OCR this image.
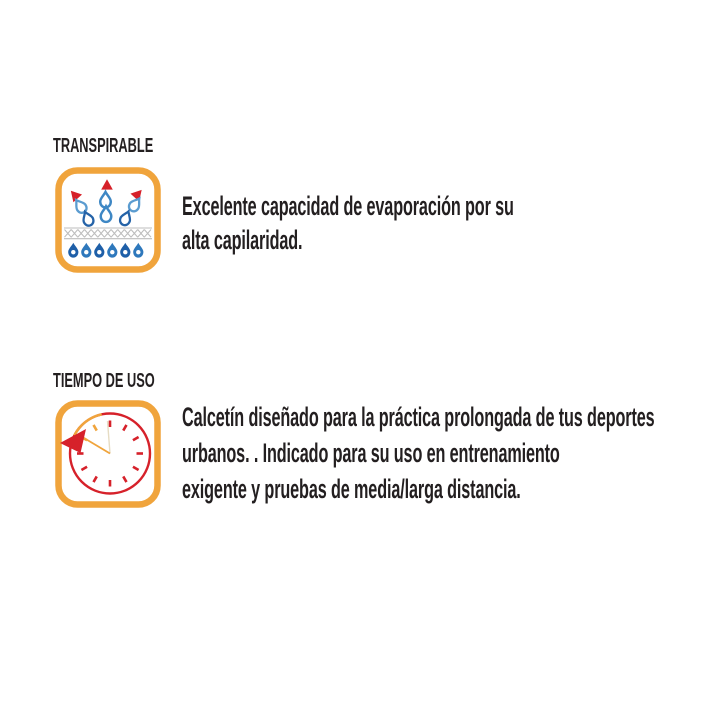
TRANSPIRABLE
Excelente capacidad de evaporación por su
alta capilaridad.
TIEMPO DE USO
Calcetín diseñado para la práctica prolongada de tus deportes
urbanos. . Indicado para su uso en entrenamiento
exigente y pruebas de media/larga distancia.
